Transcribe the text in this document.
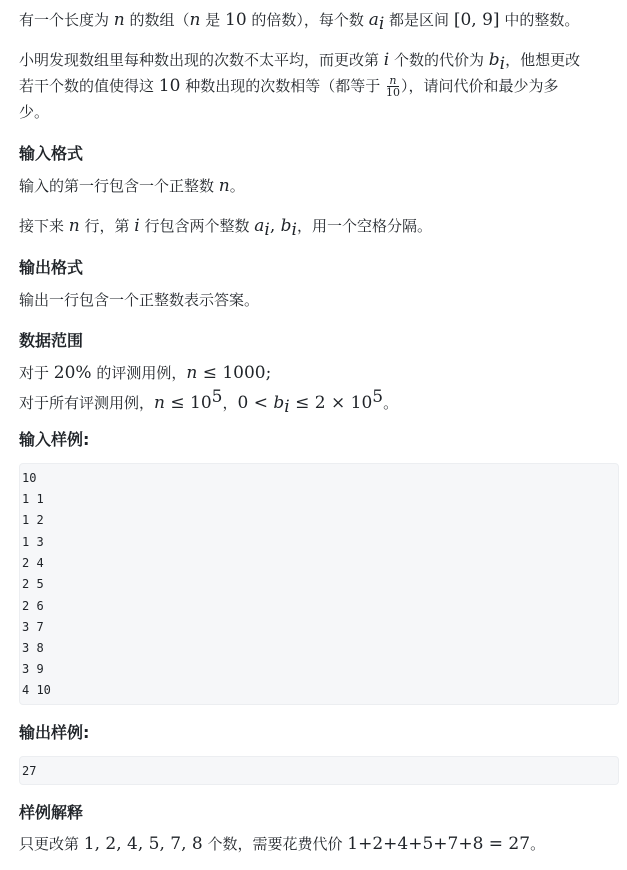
有一个长度为 n 的数组（n 是 10 的倍数），每个数 $a_i$ 都是区间 [0, 9] 中的整数。
小明发现数组里每种数出现的次数不太平均，而更改第 i 个数的代价为 $b_i$，他想更改
若干个数的值使得这 10 种数出现的次数相等（都等于 $\frac{n}{10}$ ），请问代价和最少为多
少。
输入格式
输入的第一行包含一个正整数 n。
接下来 n 行，第 i 行包含两个整数 $a_i$, $b_i$，用一个空格分隔。
输出格式
输出一行包含一个正整数表示答案。
数据范围
对于 20% 的评测用例，n ≤ 1000;
对于所有评测用例，$n \le 10^5$，$0 < b_i \le 2 \times 10^5$。
输入样例:
10
1 1
1 2
1 3
2 4
2 5
2 6
3 7
3 8
3 9
4 10
输出样例:
27
样例解释
只更改第 1, 2, 4, 5, 7, 8 个数，需要花费代价 1+2+4+5+7+8 = 27。
